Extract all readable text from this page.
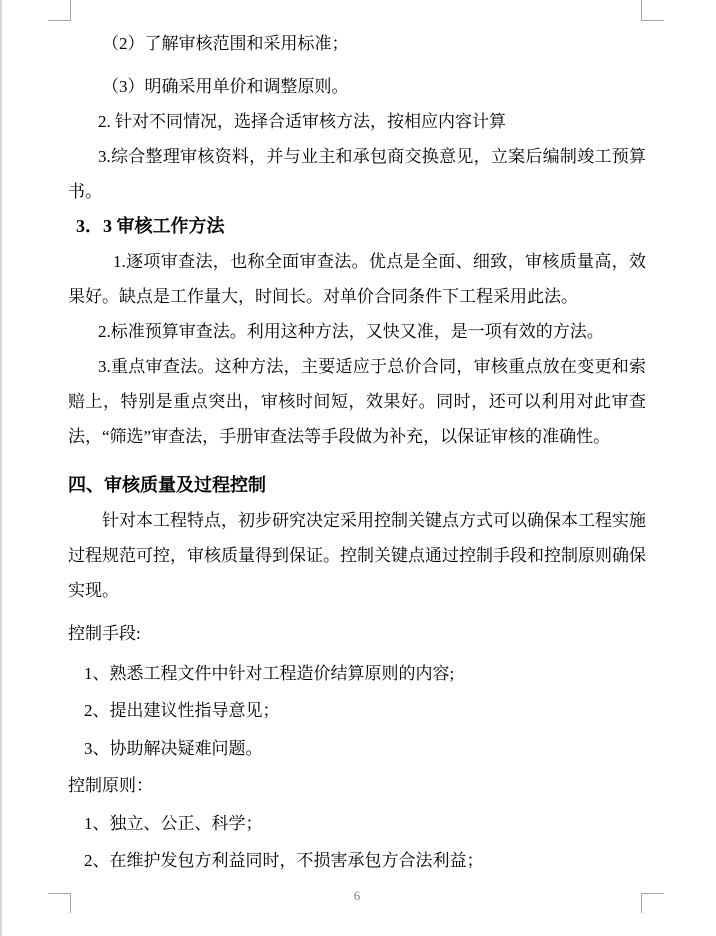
（2）了解审核范围和采用标准；

（3）明确采用单价和调整原则。

2. 针对不同情况，选择合适审核方法，按相应内容计算

3.综合整理审核资料，并与业主和承包商交换意见，立案后编制竣工预算书。

3．3 审核工作方法

1.逐项审查法，也称全面审查法。优点是全面、细致，审核质量高，效果好。缺点是工作量大，时间长。对单价合同条件下工程采用此法。

2.标准预算审查法。利用这种方法，又快又准，是一项有效的方法。

3.重点审查法。这种方法，主要适应于总价合同，审核重点放在变更和索赔上，特别是重点突出，审核时间短，效果好。同时，还可以利用对此审查法，“筛选”审查法，手册审查法等手段做为补充，以保证审核的准确性。

四、审核质量及过程控制

针对本工程特点，初步研究决定采用控制关键点方式可以确保本工程实施过程规范可控，审核质量得到保证。控制关键点通过控制手段和控制原则确保实现。

控制手段:

1、熟悉工程文件中针对工程造价结算原则的内容;

2、提出建议性指导意见；

3、协助解决疑难问题。

控制原则：

1、独立、公正、科学；

2、在维护发包方利益同时，不损害承包方合法利益；

6
